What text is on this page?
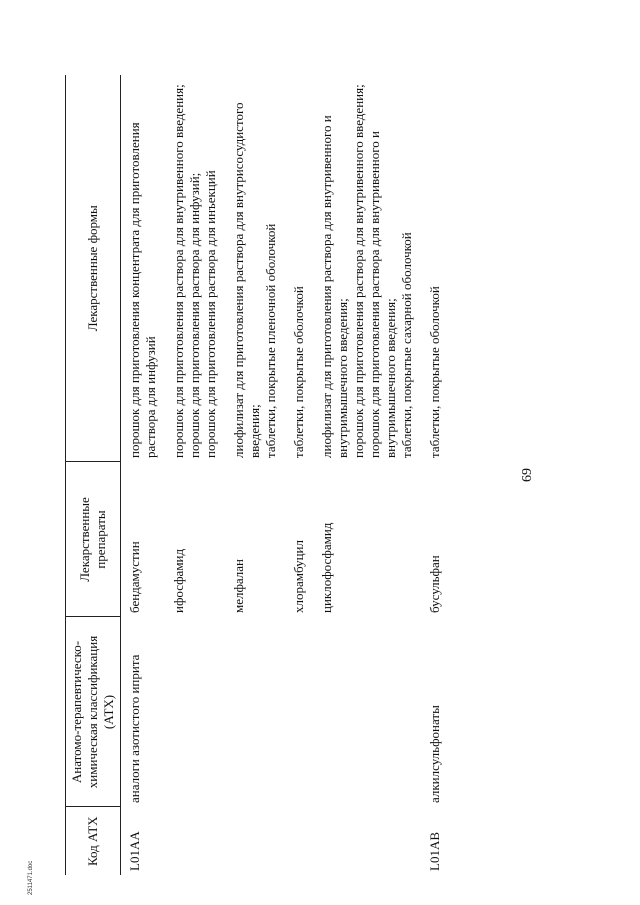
Код АТХ	Анатомо-терапевтическо-химическая классификация (АТХ)	Лекарственные препараты	Лекарственные формы
L01AA	аналоги азотистого иприта	бендамустин	порошок для приготовления концентрата для приготовления раствора для инфузий

		ифосфамид	порошок для приготовления раствора для внутривенного введения; порошок для приготовления раствора для инфузий; порошок для приготовления раствора для инъекций

		мелфалан	лиофилизат для приготовления раствора для внутрисосудистого введения; таблетки, покрытые пленочной оболочкой

		хлорамбуцил	таблетки, покрытые оболочкой

		циклофосфамид	лиофилизат для приготовления раствора для внутривенного и внутримышечного введения; порошок для приготовления раствора для внутривенного введения; порошок для приготовления раствора для внутривенного и внутримышечного введения; таблетки, покрытые сахарной оболочкой

L01AB	алкилсульфонаты	бусульфан	таблетки, покрытые оболочкой
69
2511471.doc
